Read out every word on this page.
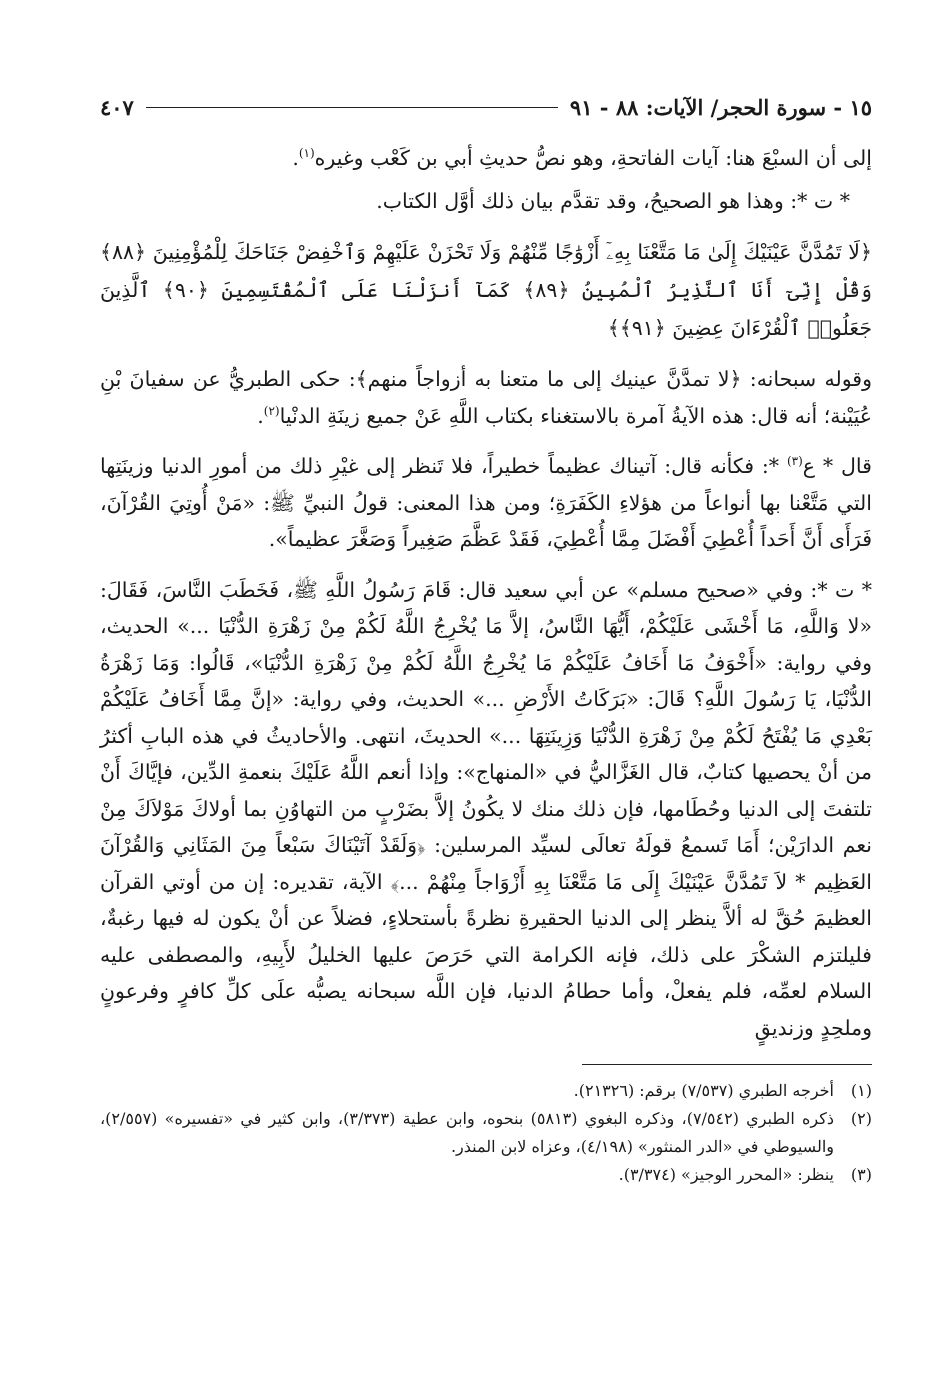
١٥ - سورة الحجر/ الآيات: ٨٨ - ٩١
٤٠٧

إلى أن السبْعَ هنا: آيات الفاتحةِ، وهو نصُّ حديثِ أبي بن كَعْب وغيره$^{(١)}$.

* ت *: وهذا هو الصحيحُ، وقد تقدَّم بيان ذلك أوَّل الكتاب.

﴿لَا تَمُدَّنَّ عَيْنَيْكَ إِلَىٰ مَا مَتَّعْنَا بِهِۦٓ أَزْوَٰجًا مِّنْهُمْ وَلَا تَحْزَنْ عَلَيْهِمْ وَٱخْفِضْ جَنَاحَكَ لِلْمُؤْمِنِينَ ﴿٨٨﴾ وَقُلْ إِنِّىٓ أَنَا ٱلنَّذِيرُ ٱلْمُبِينُ ﴿٨٩﴾ كَمَآ أَنزَلْنَا عَلَى ٱلْمُقْتَسِمِينَ ﴿٩٠﴾ ٱلَّذِينَ جَعَلُوا۟ ٱلْقُرْءَانَ عِضِينَ ﴿٩١﴾﴾

وقوله سبحانه: ﴿لا تمدَّنَّ عينيك إلى ما متعنا به أزواجاً منهم﴾: حكى الطبريُّ عن سفيانَ بْنِ عُيَيْنة؛ أنه قال: هذه الآيةُ آمرة بالاستغناء بكتاب اللَّهِ عَنْ جميع زينَةِ الدنْيا$^{(٢)}$.

قال * ع$^{(٣)}$ *: فكأنه قال: آتيناك عظيماً خطيراً، فلا تَنظر إلى غيْرِ ذلك من أمورِ الدنيا وزينَتِها التي مَتَّعْنا بها أنواعاً من هؤلاءِ الكَفَرَةِ؛ ومن هذا المعنى: قولُ النبيِّ ﷺ: «مَنْ أُوتِيَ القُرْآنَ، فَرَأَى أَنَّ أَحَداً أُعْطِيَ أَفْضَلَ مِمَّا أُعْطِيَ، فَقَدْ عَظَّمَ صَغِيراً وَصَغَّرَ عظيماً».

* ت *: وفي «صحيح مسلم» عن أبي سعيد قال: قَامَ رَسُولُ اللَّهِ ﷺ، فَخَطَبَ النَّاسَ، فَقَالَ: «لا وَاللَّهِ، مَا أَخْشَى عَلَيْكُمْ، أَيُّهَا النَّاسُ، إلاَّ مَا يُخْرِجُ اللَّهُ لَكُمْ مِنْ زَهْرَةِ الدُّنْيَا ...» الحديث، وفي رواية: «أَخْوَفُ مَا أَخَافُ عَلَيْكُمْ مَا يُخْرِجُ اللَّهُ لَكُمْ مِنْ زَهْرَةِ الدُّنْيَا»، قَالُوا: وَمَا زَهْرَةُ الدُّنْيَا، يَا رَسُولَ اللَّهِ؟ قَالَ: «بَرَكَاتُ الأَرْضِ ...» الحديث، وفي رواية: «إنَّ مِمَّا أَخَافُ عَلَيْكُمْ بَعْدِي مَا يُفْتَحُ لَكُمْ مِنْ زَهْرَةِ الدُّنْيَا وَزِينَتِهَا ...» الحديثَ، انتهى. والأحاديثُ في هذه البابِ أكثرُ من أنْ يحصيها كتابٌ، قال الغَزَّاليُّ في «المنهاج»: وإذا أنعم اللَّهُ عَلَيْكَ بنعمةِ الدِّين، فإيَّاكَ أَنْ تلتفتَ إلى الدنيا وحُطَامها، فإن ذلك منك لا يكُونُ إلاَّ بضَرْبٍ من التهاوُنِ بما أولاكَ مَوْلاَكَ مِنْ نعم الدارَيْن؛ أَمَا تَسمعُ قولَهُ تعالَى لسيِّد المرسلين: ﴿وَلَقَدْ آتَيْنَاكَ سَبْعاً مِنَ المَثَانِي وَالقُرْآنَ العَظِيم * لاَ تَمُدَّنَّ عَيْنَيْكَ إِلَى مَا مَتَّعْنَا بِهِ أَزْوَاجاً مِنْهُمْ ...﴾ الآية، تقديره: إن من أوتي القرآن العظيمَ حُقَّ له ألاَّ ينظر إلى الدنيا الحقيرةِ نظرةً بأستحلاءٍ، فضلاً عن أنْ يكون له فيها رغبةٌ، فليلتزم الشكْرَ على ذلك، فإنه الكرامة التي حَرَصَ عليها الخليلُ لأَبِيهِ، والمصطفى عليه السلام لعمِّه، فلم يفعلْ، وأما حطامُ الدنيا، فإن اللَّه سبحانه يصبُّه علَى كلِّ كافرٍ وفرعونٍ وملحِدٍ وزنديقٍ

(١)
أخرجه الطبري (٧/٥٣٧) برقم: (٢١٣٢٦).
(٢)
ذكره الطبري (٧/٥٤٢)، وذكره البغوي (٥٨١٣) بنحوه، وابن عطية (٣/٣٧٣)، وابن كثير في «تفسيره» (٢/٥٥٧)، والسيوطي في «الدر المنثور» (٤/١٩٨)، وعزاه لابن المنذر.
(٣)
ينظر: «المحرر الوجيز» (٣/٣٧٤).
